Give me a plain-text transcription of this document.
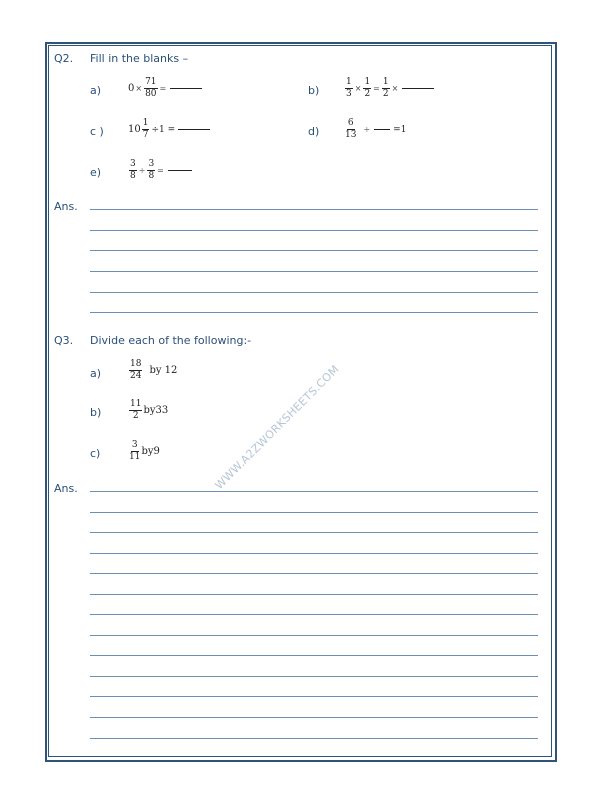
WWW.A2ZWORKSHEETS.COM
Q2. Fill in the blanks –
a)	$0 \times \frac{71}{80}$ =	b)	$\frac{1}{3} \times \frac{1}{2} = \frac{1}{2}$ ×
c ) $10 \frac{1}{7} \div 1$ =	d)	$\frac{6}{13}$ ÷	=1
e)	$\frac{3}{8} \div \frac{3}{8}$ =
Ans.
Q3. Divide each of the following:-
a)	$\frac{18}{24}$ by 12
b)	$\frac{11}{2} by33$
c)	$\frac{3}{11} by9$
Ans.
